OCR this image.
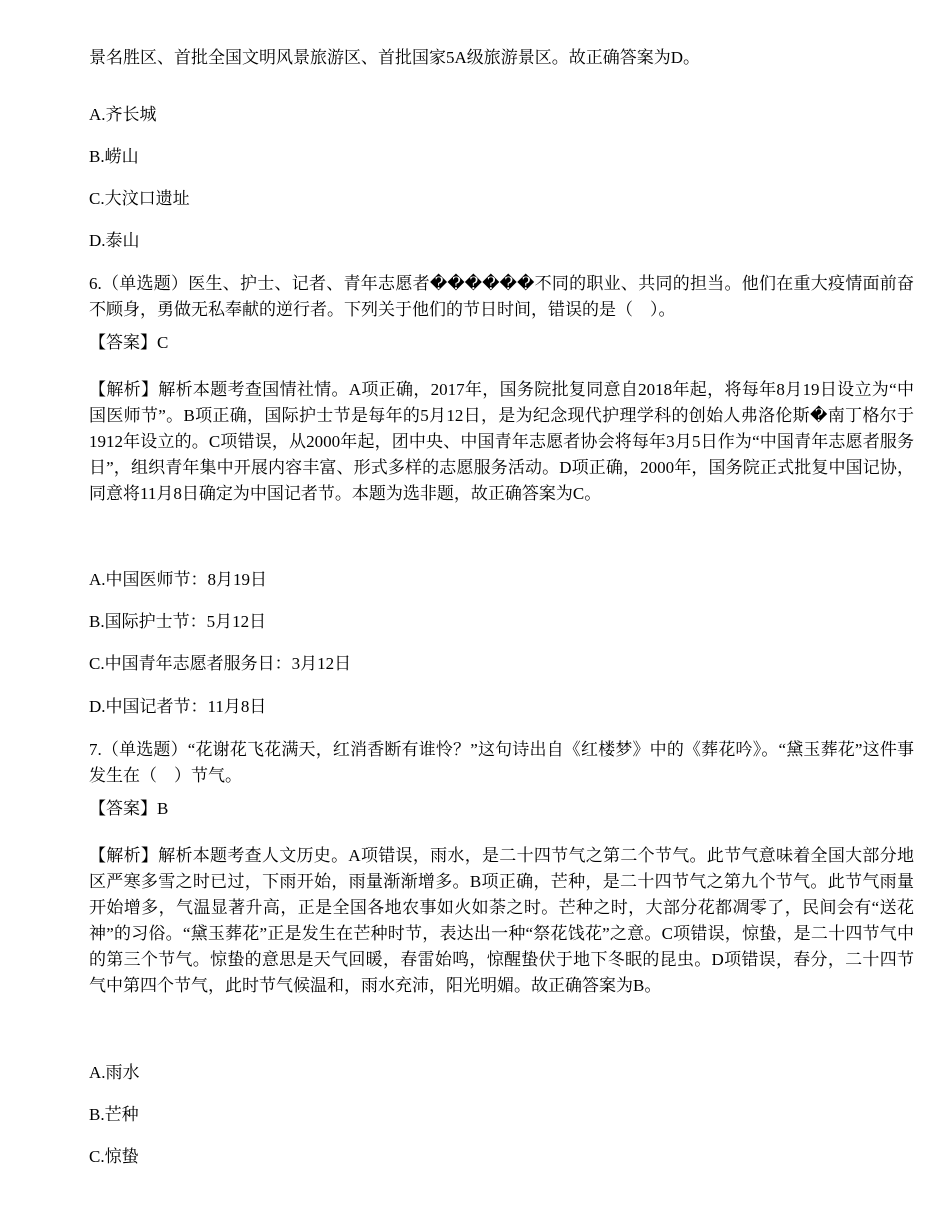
景名胜区、首批全国文明风景旅游区、首批国家5A级旅游景区。故正确答案为D。
A.齐长城
B.崂山
C.大汶口遗址
D.泰山
6.（单选题）医生、护士、记者、青年志愿者������不同的职业、共同的担当。他们在重大疫情面前奋不顾身，勇做无私奉献的逆行者。下列关于他们的节日时间，错误的是（　）。
【答案】C
【解析】解析本题考查国情社情。A项正确，2017年，国务院批复同意自2018年起，将每年8月19日设立为“中国医师节”。B项正确，国际护士节是每年的5月12日，是为纪念现代护理学科的创始人弗洛伦斯�南丁格尔于1912年设立的。C项错误，从2000年起，团中央、中国青年志愿者协会将每年3月5日作为“中国青年志愿者服务日”，组织青年集中开展内容丰富、形式多样的志愿服务活动。D项正确，2000年，国务院正式批复中国记协，同意将11月8日确定为中国记者节。本题为选非题，故正确答案为C。
A.中国医师节：8月19日
B.国际护士节：5月12日
C.中国青年志愿者服务日：3月12日
D.中国记者节：11月8日
7.（单选题）“花谢花飞花满天，红消香断有谁怜？”这句诗出自《红楼梦》中的《葬花吟》。“黛玉葬花”这件事发生在（　）节气。
【答案】B
【解析】解析本题考查人文历史。A项错误，雨水，是二十四节气之第二个节气。此节气意味着全国大部分地区严寒多雪之时已过，下雨开始，雨量渐渐增多。B项正确，芒种，是二十四节气之第九个节气。此节气雨量开始增多，气温显著升高，正是全国各地农事如火如荼之时。芒种之时，大部分花都凋零了，民间会有“送花神”的习俗。“黛玉葬花”正是发生在芒种时节，表达出一种“祭花饯花”之意。C项错误，惊蛰，是二十四节气中的第三个节气。惊蛰的意思是天气回暖，春雷始鸣，惊醒蛰伏于地下冬眠的昆虫。D项错误，春分，二十四节气中第四个节气，此时节气候温和，雨水充沛，阳光明媚。故正确答案为B。
A.雨水
B.芒种
C.惊蛰
